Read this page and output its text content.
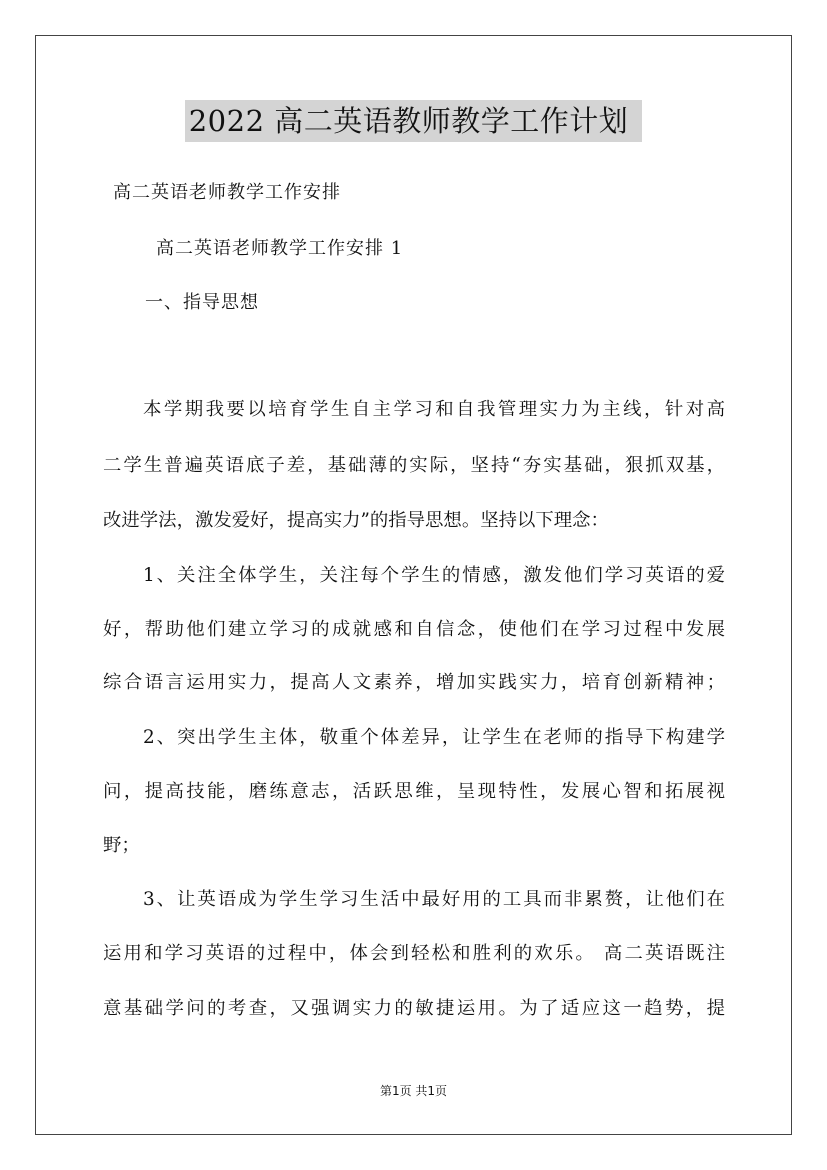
2022 高二英语教师教学工作计划
高二英语老师教学工作安排
高二英语老师教学工作安排 1
一、指导思想
本学期我要以培育学生自主学习和自我管理实力为主线，针对高
二学生普遍英语底子差，基础薄的实际，坚持“夯实基础，狠抓双基，
改进学法，激发爱好，提高实力”的指导思想。坚持以下理念：
1、关注全体学生，关注每个学生的情感，激发他们学习英语的爱
好，帮助他们建立学习的成就感和自信念，使他们在学习过程中发展
综合语言运用实力，提高人文素养，增加实践实力，培育创新精神；
2、突出学生主体，敬重个体差异，让学生在老师的指导下构建学
问，提高技能，磨练意志，活跃思维，呈现特性，发展心智和拓展视
野；
3、让英语成为学生学习生活中最好用的工具而非累赘，让他们在
运用和学习英语的过程中，体会到轻松和胜利的欢乐。 高二英语既注
意基础学问的考查，又强调实力的敏捷运用。为了适应这一趋势，提
第1页 共1页
